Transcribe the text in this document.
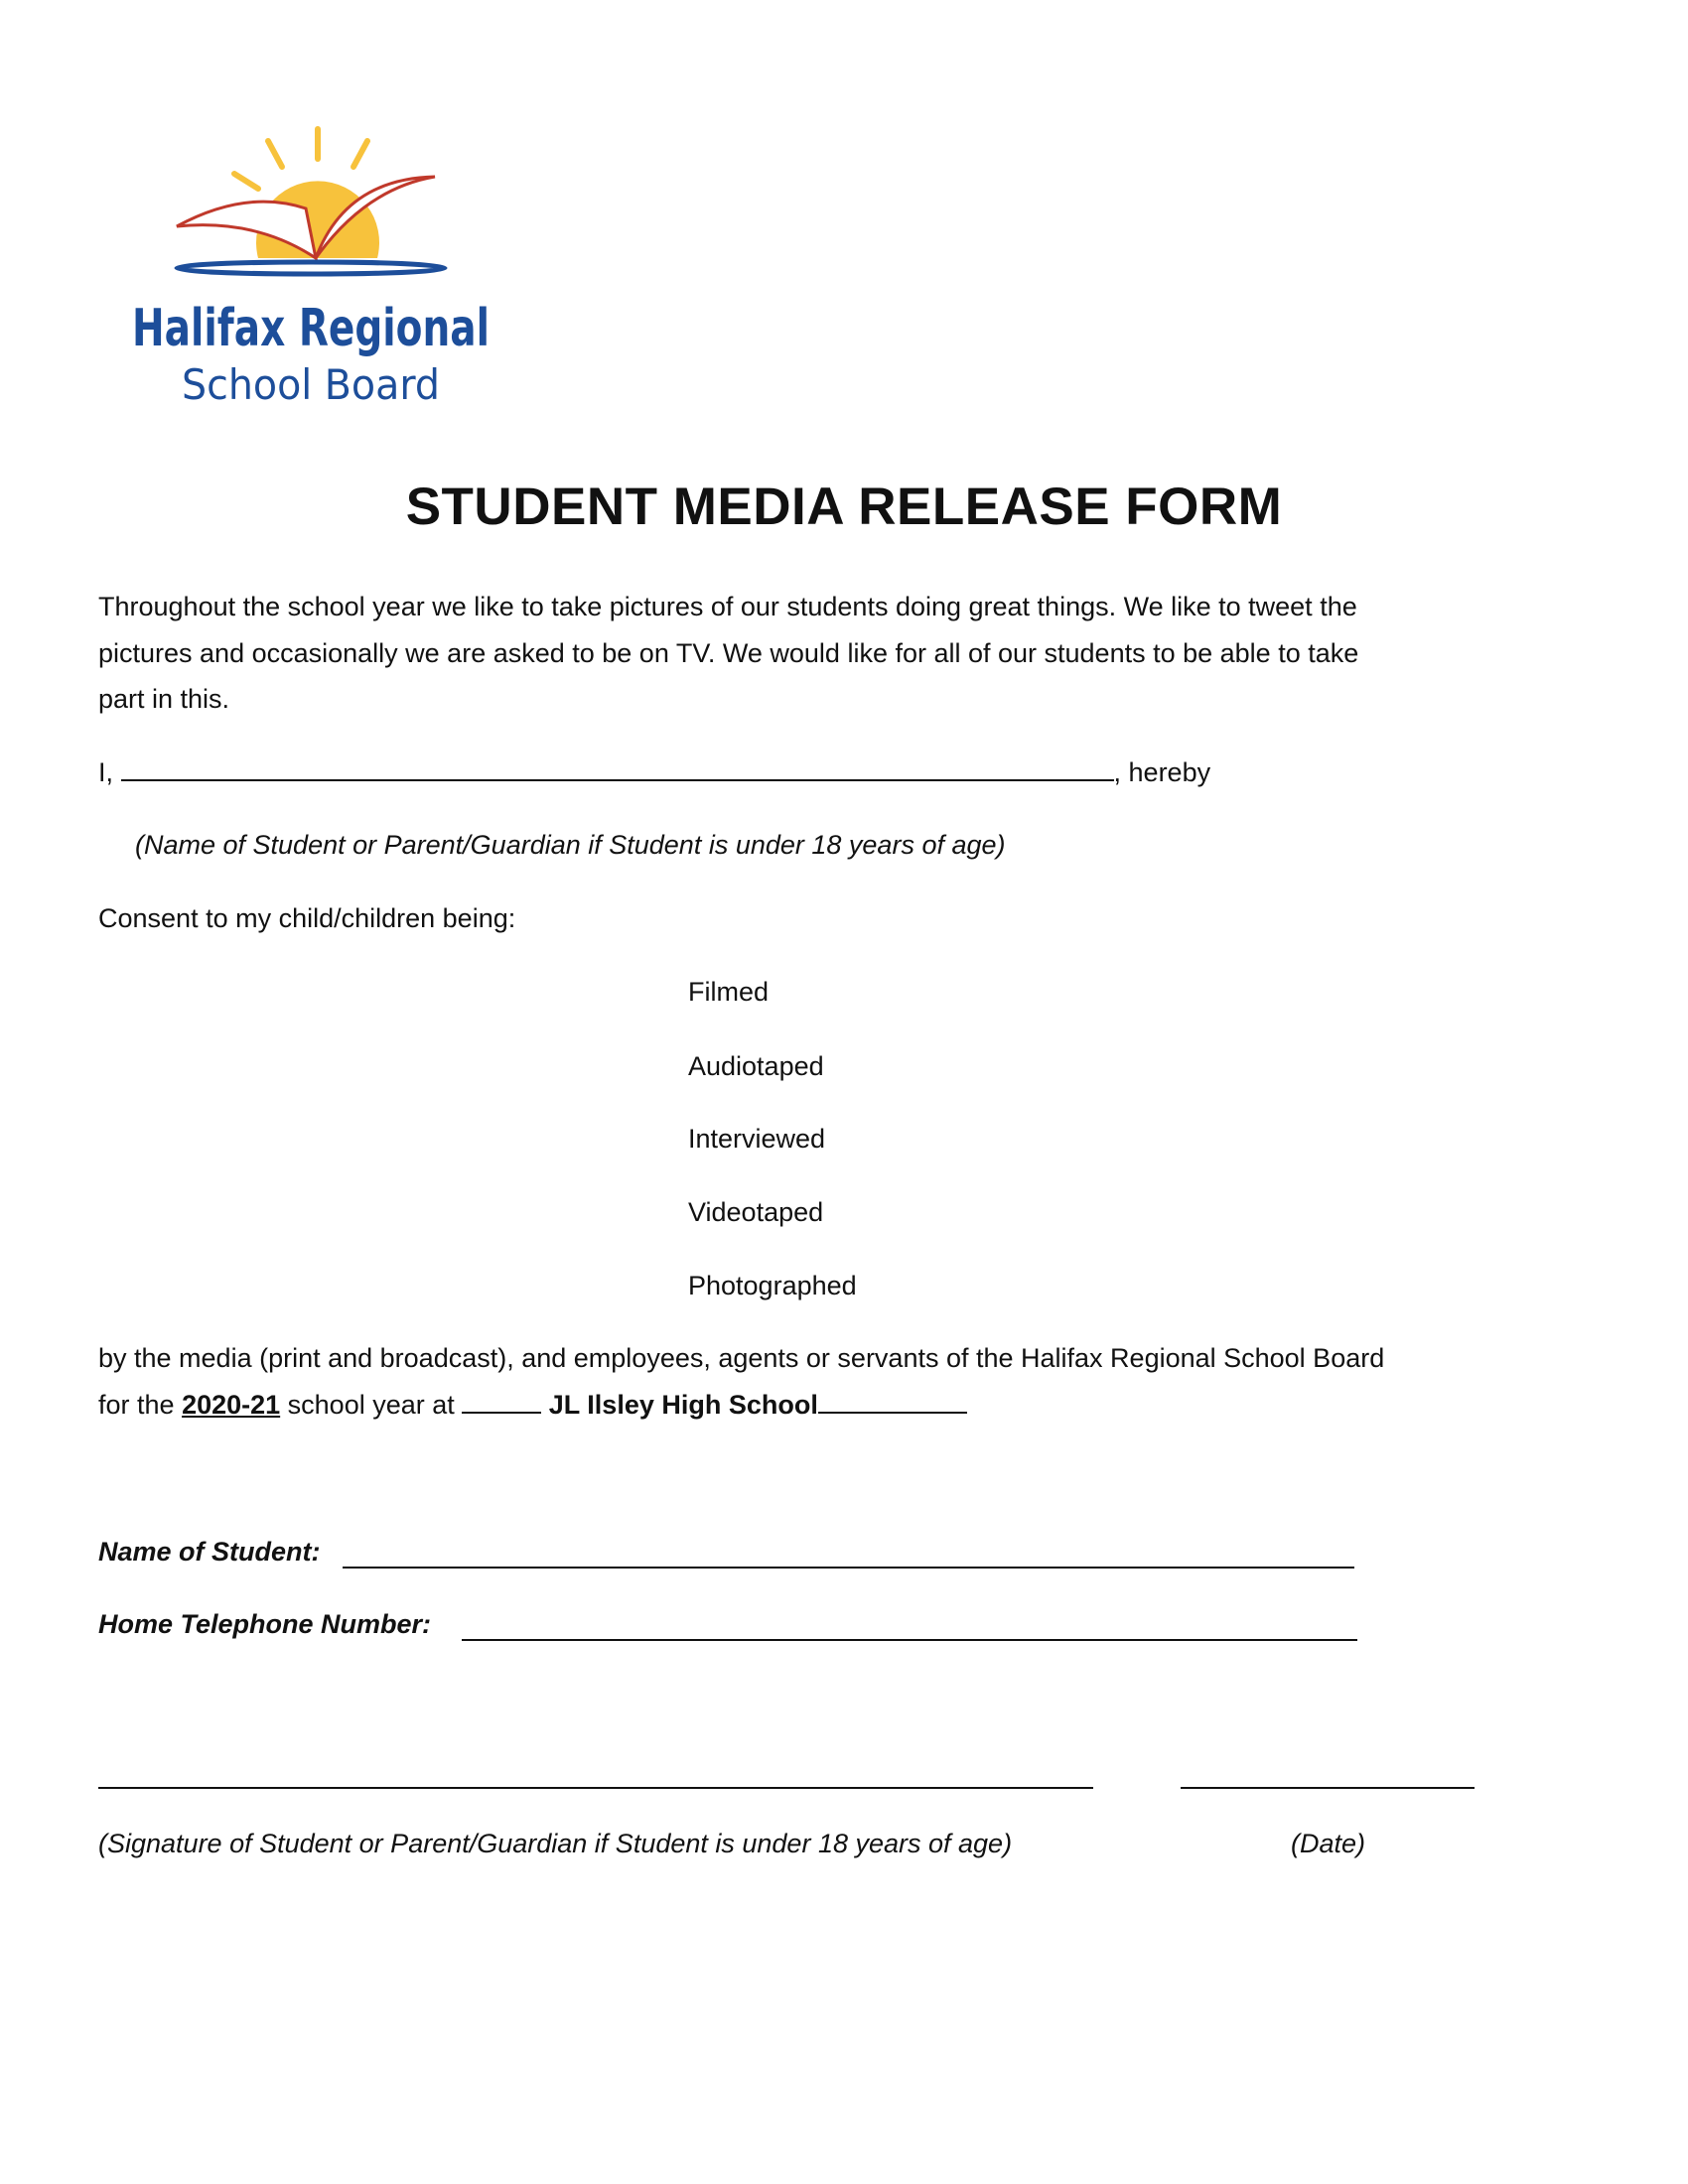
Halifax Regional
School Board
STUDENT MEDIA RELEASE FORM
Throughout the school year we like to take pictures of our students doing great things. We like to tweet the
pictures and occasionally we are asked to be on TV. We would like for all of our students to be able to take
part in this.
I,	, hereby
(Name of Student or Parent/Guardian if Student is under 18 years of age)
Consent to my child/children being:
Filmed
Audiotaped
Interviewed
Videotaped
Photographed
by the media (print and broadcast), and employees, agents or servants of the Halifax Regional School Board
for the 2020-21 school year at	JL Ilsley High School
Name of Student:
Home Telephone Number:
(Signature of Student or Parent/Guardian if Student is under 18 years of age)	(Date)
